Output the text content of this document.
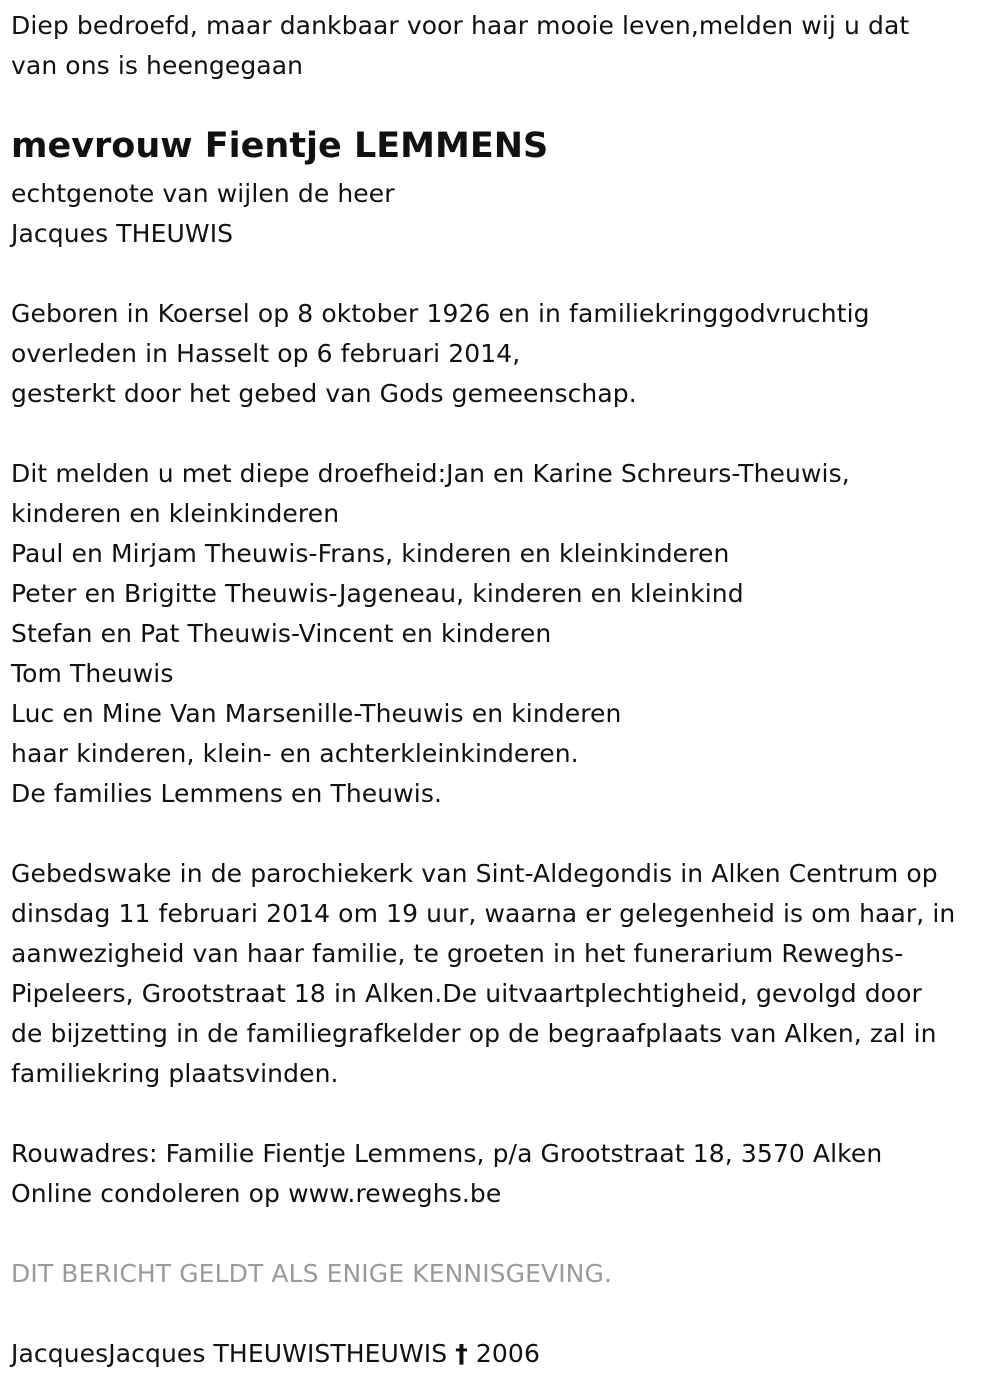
Diep bedroefd, maar dankbaar voor haar mooie leven,melden wij u dat
van ons is heengegaan
mevrouw Fientje LEMMENS
echtgenote van wijlen de heer
Jacques THEUWIS
Geboren in Koersel op 8 oktober 1926 en in familiekringgodvruchtig
overleden in Hasselt op 6 februari 2014,
gesterkt door het gebed van Gods gemeenschap.
Dit melden u met diepe droefheid:Jan en Karine Schreurs-Theuwis,
kinderen en kleinkinderen
Paul en Mirjam Theuwis-Frans, kinderen en kleinkinderen
Peter en Brigitte Theuwis-Jageneau, kinderen en kleinkind
Stefan en Pat Theuwis-Vincent en kinderen
Tom Theuwis
Luc en Mine Van Marsenille-Theuwis en kinderen
haar kinderen, klein- en achterkleinkinderen.
De families Lemmens en Theuwis.
Gebedswake in de parochiekerk van Sint-Aldegondis in Alken Centrum op
dinsdag 11 februari 2014 om 19 uur, waarna er gelegenheid is om haar, in
aanwezigheid van haar familie, te groeten in het funerarium Reweghs-
Pipeleers, Grootstraat 18 in Alken.De uitvaartplechtigheid, gevolgd door
de bijzetting in de familiegrafkelder op de begraafplaats van Alken, zal in
familiekring plaatsvinden.
Rouwadres: Familie Fientje Lemmens, p/a Grootstraat 18, 3570 Alken
Online condoleren op www.reweghs.be
DIT BERICHT GELDT ALS ENIGE KENNISGEVING.
JacquesJacques THEUWISTHEUWIS † 2006
